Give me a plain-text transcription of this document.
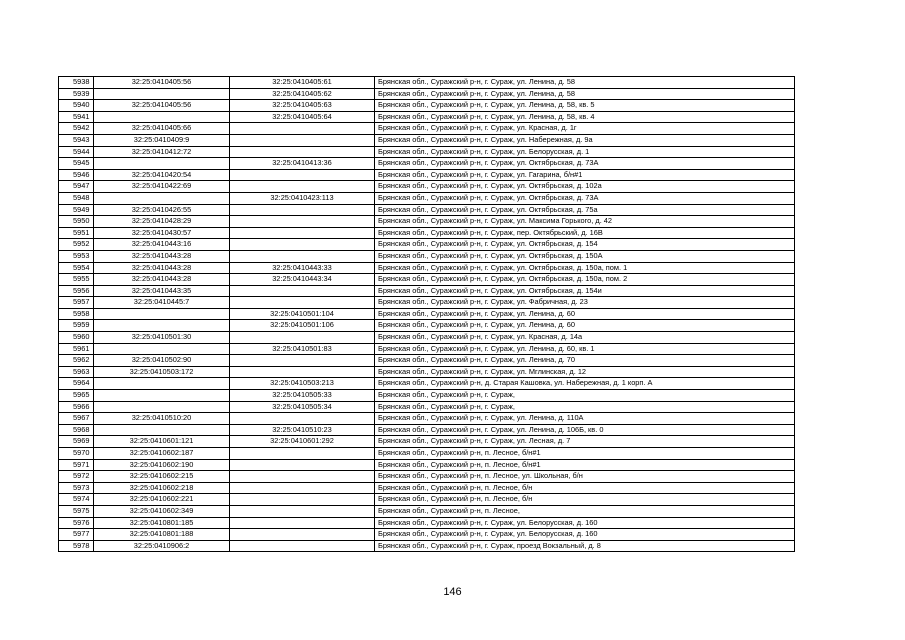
5938	32:25:0410405:56	32:25:0410405:61	Брянская обл., Суражский р-н, г. Сураж, ул. Ленина, д. 58
5939		32:25:0410405:62	Брянская обл., Суражский р-н, г. Сураж, ул. Ленина, д. 58
5940	32:25:0410405:56	32:25:0410405:63	Брянская обл., Суражский р-н, г. Сураж, ул. Ленина, д. 58, кв. 5
5941		32:25:0410405:64	Брянская обл., Суражский р-н, г. Сураж, ул. Ленина, д. 58, кв. 4
5942	32:25:0410405:66		Брянская обл., Суражский р-н, г. Сураж, ул. Красная, д. 1г
5943	32:25:0410409:9		Брянская обл., Суражский р-н, г. Сураж, ул. Набережная, д. 9а
5944	32:25:0410412:72		Брянская обл., Суражский р-н, г. Сураж, ул. Белорусская, д. 1
5945		32:25:0410413:36	Брянская обл., Суражский р-н, г. Сураж, ул. Октябрьская, д. 73А
5946	32:25:0410420:54		Брянская обл., Суражский р-н, г. Сураж, ул. Гагарина, б/н#1
5947	32:25:0410422:69		Брянская обл., Суражский р-н, г. Сураж, ул. Октябрьская, д. 102а
5948		32:25:0410423:113	Брянская обл., Суражский р-н, г. Сураж, ул. Октябрьская, д. 73А
5949	32:25:0410426:55		Брянская обл., Суражский р-н, г. Сураж, ул. Октябрьская, д. 75а
5950	32:25:0410428:29		Брянская обл., Суражский р-н, г. Сураж, ул. Максима Горького, д. 42
5951	32:25:0410430:57		Брянская обл., Суражский р-н, г. Сураж, пер. Октябрьский, д. 16В
5952	32:25:0410443:16		Брянская обл., Суражский р-н, г. Сураж, ул. Октябрьская, д. 154
5953	32:25:0410443:28		Брянская обл., Суражский р-н, г. Сураж, ул. Октябрьская, д. 150А
5954	32:25:0410443:28	32:25:0410443:33	Брянская обл., Суражский р-н, г. Сураж, ул. Октябрьская, д. 150а, пом. 1
5955	32:25:0410443:28	32:25:0410443:34	Брянская обл., Суражский р-н, г. Сураж, ул. Октябрьская, д. 150а, пом. 2
5956	32:25:0410443:35		Брянская обл., Суражский р-н, г. Сураж, ул. Октябрьская, д. 154и
5957	32:25:0410445:7		Брянская обл., Суражский р-н, г. Сураж, ул. Фабричная, д. 23
5958		32:25:0410501:104	Брянская обл., Суражский р-н, г. Сураж, ул. Ленина, д. 60
5959		32:25:0410501:106	Брянская обл., Суражский р-н, г. Сураж, ул. Ленина, д. 60
5960	32:25:0410501:30		Брянская обл., Суражский р-н, г. Сураж, ул. Красная, д. 14а
5961		32:25:0410501:83	Брянская обл., Суражский р-н, г. Сураж, ул. Ленина, д. 60, кв. 1
5962	32:25:0410502:90		Брянская обл., Суражский р-н, г. Сураж, ул. Ленина, д. 70
5963	32:25:0410503:172		Брянская обл., Суражский р-н, г. Сураж, ул. Мглинская, д. 12
5964		32:25:0410503:213	Брянская обл., Суражский р-н, д. Старая Кашовка, ул. Набережная, д. 1 корп. А
5965		32:25:0410505:33	Брянская обл., Суражский р-н, г. Сураж,
5966		32:25:0410505:34	Брянская обл., Суражский р-н, г. Сураж,
5967	32:25:0410510:20		Брянская обл., Суражский р-н, г. Сураж, ул. Ленина, д. 110А
5968		32:25:0410510:23	Брянская обл., Суражский р-н, г. Сураж, ул. Ленина, д. 106Б, кв. 0
5969	32:25:0410601:121	32:25:0410601:292	Брянская обл., Суражский р-н, г. Сураж, ул. Лесная, д. 7
5970	32:25:0410602:187		Брянская обл., Суражский р-н, п. Лесное, б/н#1
5971	32:25:0410602:190		Брянская обл., Суражский р-н, п. Лесное, б/н#1
5972	32:25:0410602:215		Брянская обл., Суражский р-н, п. Лесное, ул. Школьная, б/н
5973	32:25:0410602:218		Брянская обл., Суражский р-н, п. Лесное, б/н
5974	32:25:0410602:221		Брянская обл., Суражский р-н, п. Лесное, б/н
5975	32:25:0410602:349		Брянская обл., Суражский р-н, п. Лесное,
5976	32:25:0410801:185		Брянская обл., Суражский р-н, г. Сураж, ул. Белорусская, д. 160
5977	32:25:0410801:188		Брянская обл., Суражский р-н, г. Сураж, ул. Белорусская, д. 160
5978	32:25:0410906:2		Брянская обл., Суражский р-н, г. Сураж, проезд Вокзальный, д. 8
146
